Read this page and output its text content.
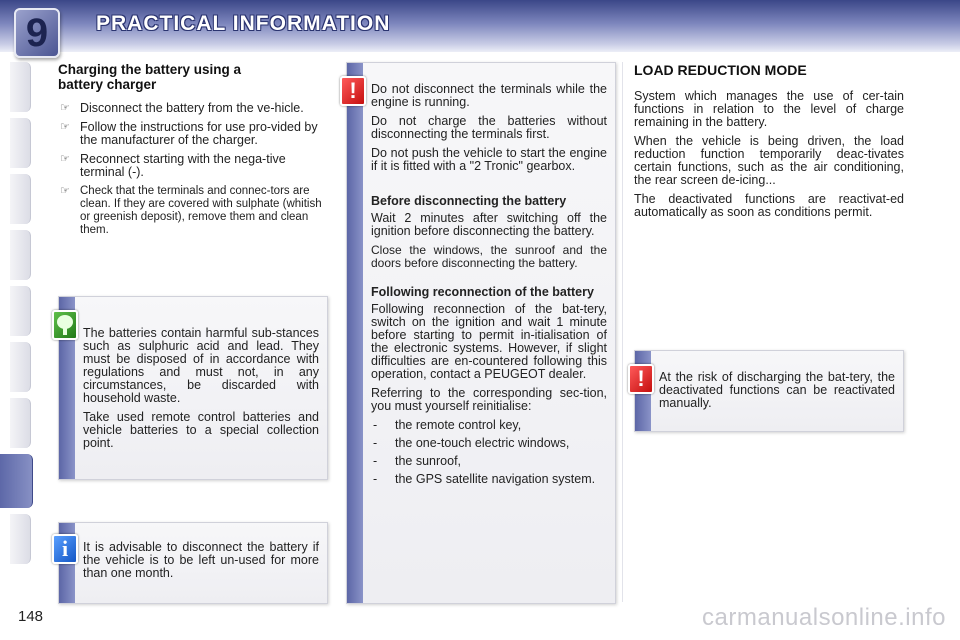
9	PRACTICAL INFORMATION
Charging the battery using a
battery charger
☞ Disconnect the battery from the ve-hicle.
☞ Follow the instructions for use pro-vided by the manufacturer of the charger.
☞ Reconnect starting with the nega-tive terminal (-).
☞ Check that the terminals and connec-tors are clean. If they are covered with sulphate (whitish or greenish deposit), remove them and clean them.

The batteries contain harmful sub-stances such as sulphuric acid and lead. They must be disposed of in accordance with regulations and must not, in any circumstances, be discarded with household waste.

Take used remote control batteries and vehicle batteries to a special collection point.

It is advisable to disconnect the battery if the vehicle is to be left un-used for more than one month.

i

Do not disconnect the terminals while the engine is running.

Do not charge the batteries without disconnecting the terminals first.

Do not push the vehicle to start the engine if it is fitted with a "2 Tronic" gearbox.

Before disconnecting the battery

Wait 2 minutes after switching off the ignition before disconnecting the battery.

Close the windows, the sunroof and the doors before disconnecting the battery.

Following reconnection of the battery

Following reconnection of the bat-tery, switch on the ignition and wait 1 minute before starting to permit in-itialisation of the electronic systems. However, if slight difficulties are en-countered following this operation, contact a PEUGEOT dealer.

Referring to the corresponding sec-tion, you must yourself reinitialise:

- the remote control key,
- the one-touch electric windows,
- the sunroof,
- the GPS satellite navigation system.
!
LOAD REDUCTION MODE

System which manages the use of cer-tain functions in relation to the level of charge remaining in the battery.

When the vehicle is being driven, the load reduction function temporarily deac-tivates certain functions, such as the air conditioning, the rear screen de-icing...

The deactivated functions are reactivat-ed automatically as soon as conditions permit.

At the risk of discharging the bat-tery, the deactivated functions can be reactivated manually.

!
148	carmanualsonline.info
